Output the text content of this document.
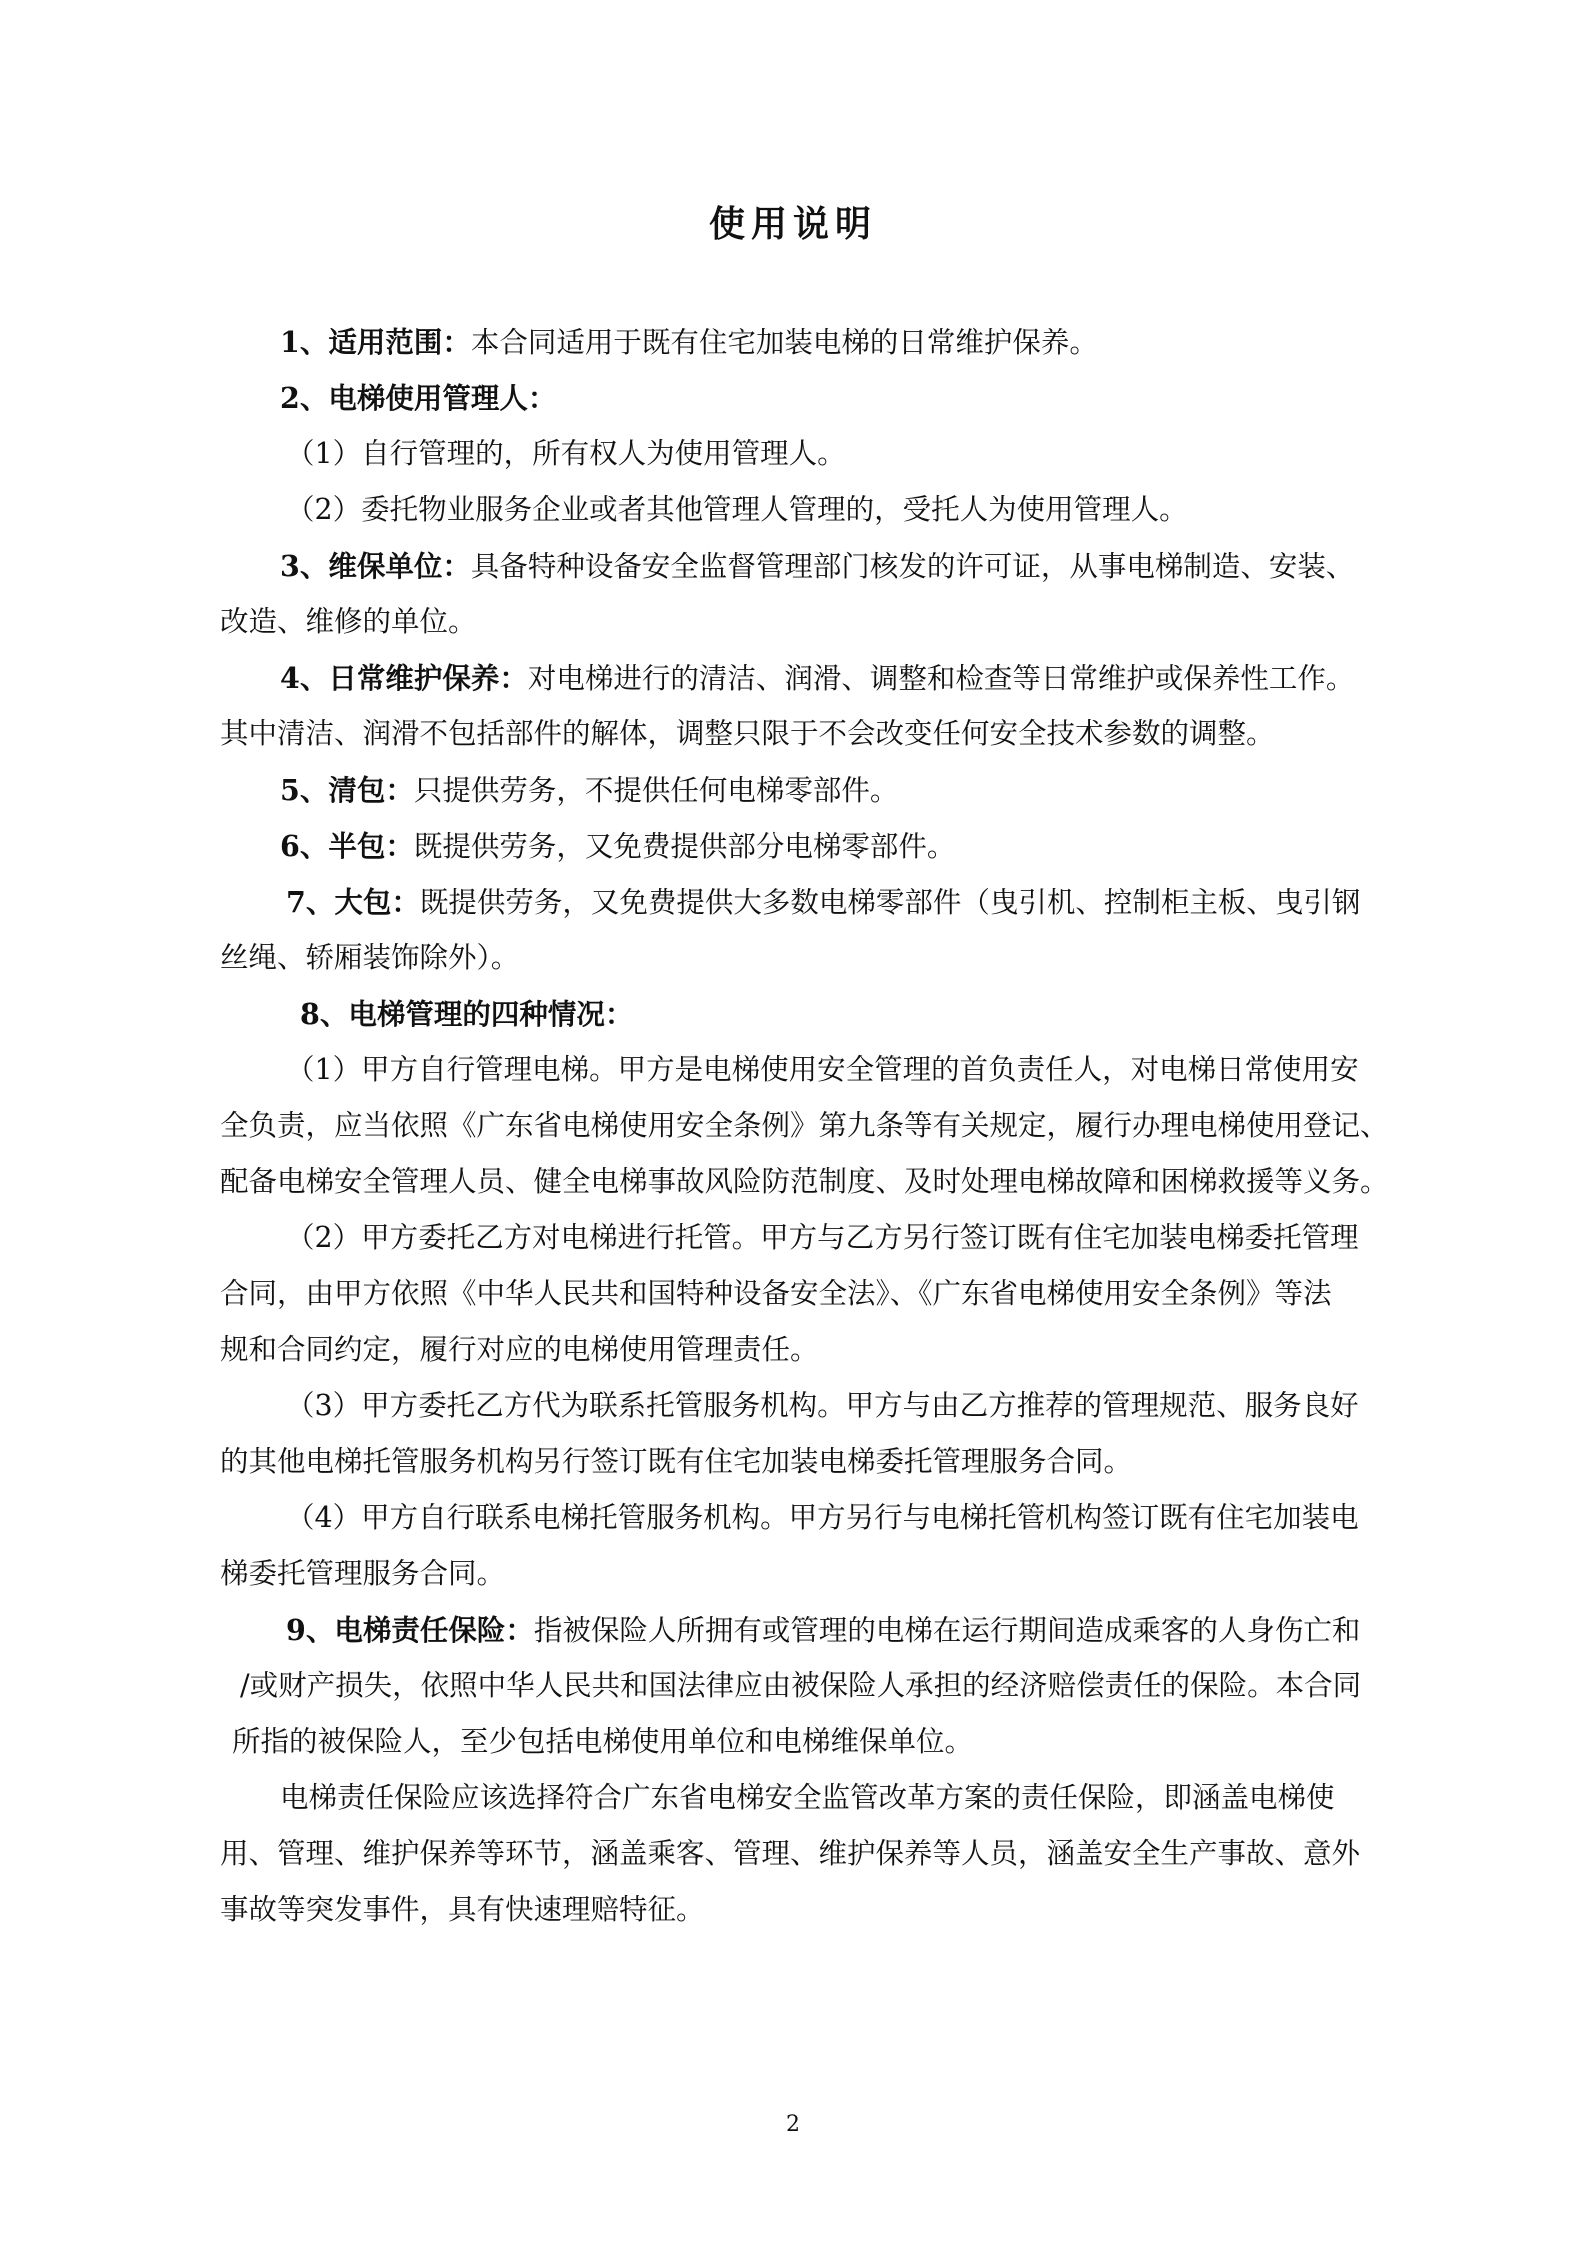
使用说明
1、适用范围：本合同适用于既有住宅加装电梯的日常维护保养。
2、电梯使用管理人：
（1）自行管理的，所有权人为使用管理人。
（2）委托物业服务企业或者其他管理人管理的，受托人为使用管理人。
3、维保单位：具备特种设备安全监督管理部门核发的许可证，从事电梯制造、安装、
改造、维修的单位。
4、日常维护保养：对电梯进行的清洁、润滑、调整和检查等日常维护或保养性工作。
其中清洁、润滑不包括部件的解体，调整只限于不会改变任何安全技术参数的调整。
5、清包：只提供劳务，不提供任何电梯零部件。
6、半包：既提供劳务，又免费提供部分电梯零部件。
7、大包：既提供劳务，又免费提供大多数电梯零部件（曳引机、控制柜主板、曳引钢
丝绳、轿厢装饰除外）。
8、电梯管理的四种情况：
（1）甲方自行管理电梯。甲方是电梯使用安全管理的首负责任人，对电梯日常使用安
全负责，应当依照《广东省电梯使用安全条例》第九条等有关规定，履行办理电梯使用登记、
配备电梯安全管理人员、健全电梯事故风险防范制度、及时处理电梯故障和困梯救援等义务。
（2）甲方委托乙方对电梯进行托管。甲方与乙方另行签订既有住宅加装电梯委托管理
合同，由甲方依照《中华人民共和国特种设备安全法》、《广东省电梯使用安全条例》等法
规和合同约定，履行对应的电梯使用管理责任。
（3）甲方委托乙方代为联系托管服务机构。甲方与由乙方推荐的管理规范、服务良好
的其他电梯托管服务机构另行签订既有住宅加装电梯委托管理服务合同。
（4）甲方自行联系电梯托管服务机构。甲方另行与电梯托管机构签订既有住宅加装电
梯委托管理服务合同。
9、电梯责任保险：指被保险人所拥有或管理的电梯在运行期间造成乘客的人身伤亡和
/或财产损失，依照中华人民共和国法律应由被保险人承担的经济赔偿责任的保险。本合同
所指的被保险人，至少包括电梯使用单位和电梯维保单位。
电梯责任保险应该选择符合广东省电梯安全监管改革方案的责任保险，即涵盖电梯使
用、管理、维护保养等环节，涵盖乘客、管理、维护保养等人员，涵盖安全生产事故、意外
事故等突发事件，具有快速理赔特征。
2
